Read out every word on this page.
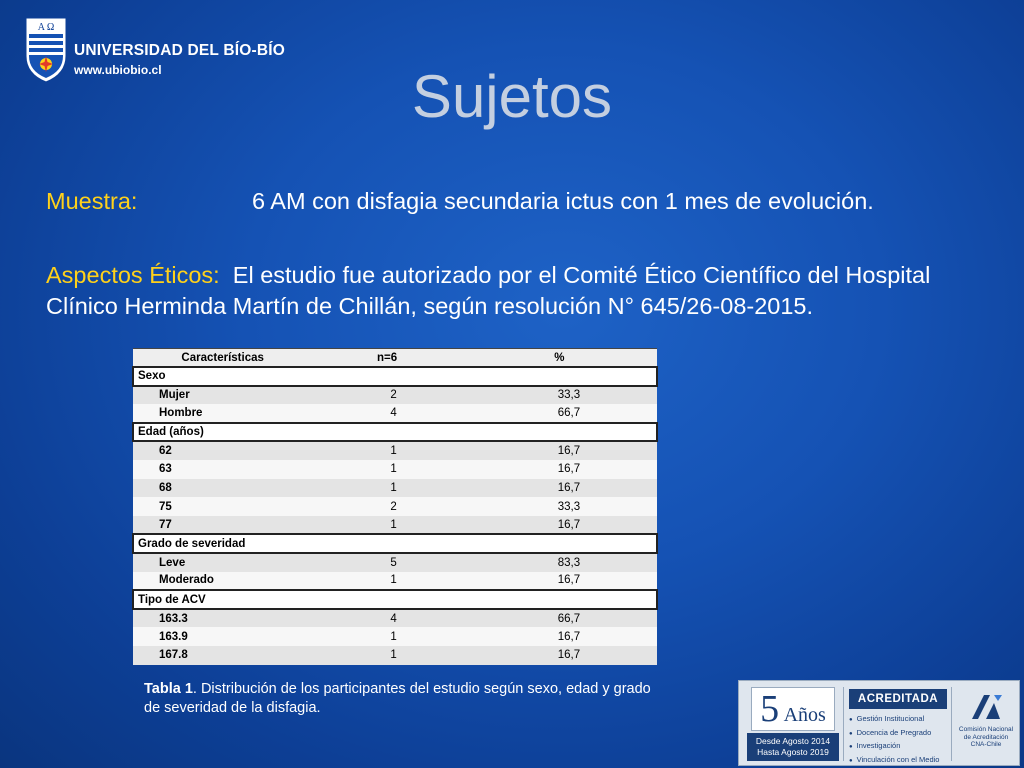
Α Ω
UNIVERSIDAD DEL BÍO-BÍO
www.ubiobio.cl	Sujetos
Muestra:	6 AM con disfagia secundaria ictus con 1 mes de evolución.
Aspectos Éticos: El estudio fue autorizado por el Comité Ético Científico del Hospital Clínico Herminda Martín de Chillán, según resolución N° 645/26-08-2015.
Características	n=6	%
Sexo		
Mujer	2	33,3
Hombre	4	66,7
Edad (años)		
62	1	16,7
63	1	16,7
68	1	16,7
75	2	33,3
77	1	16,7
Grado de severidad		
Leve	5	83,3
Moderado	1	16,7
Tipo de ACV		
163.3	4	66,7
163.9	1	16,7
167.8	1	16,7
Tabla 1. Distribución de los participantes del estudio según sexo, edad y grado de severidad de la disfagia.	5 Años
Desde Agosto 2014
Hasta Agosto 2019
ACREDITADA
● Gestión Institucional
● Docencia de Pregrado
● Investigación
● Vinculación con el Medio
Comisión Nacional
de Acreditación
CNA-Chile
